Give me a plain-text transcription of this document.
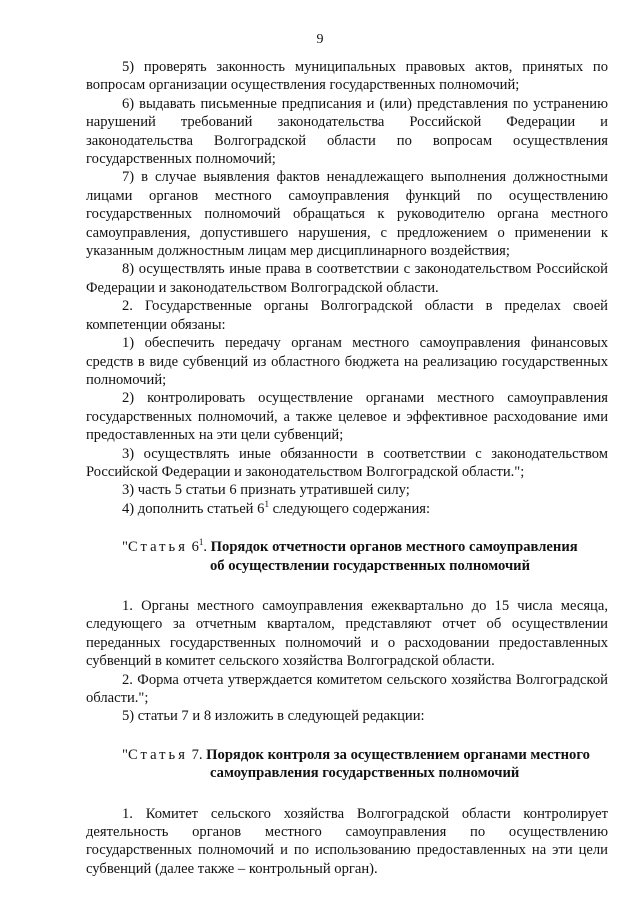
9

5) проверять законность муниципальных правовых актов, принятых по вопросам организации осуществления государственных полномочий;

6) выдавать письменные предписания и (или) представления по устранению нарушений требований законодательства Российской Федерации и законодательства Волгоградской области по вопросам осуществления государственных полномочий;

7) в случае выявления фактов ненадлежащего выполнения должностными лицами органов местного самоуправления функций по осуществлению государственных полномочий обращаться к руководителю органа местного самоуправления, допустившего нарушения, с предложением о применении к указанным должностным лицам мер дисциплинарного воздействия;

8) осуществлять иные права в соответствии с законодательством Российской Федерации и законодательством Волгоградской области.

2. Государственные органы Волгоградской области в пределах своей компетенции обязаны:

1) обеспечить передачу органам местного самоуправления финансовых средств в виде субвенций из областного бюджета на реализацию государственных полномочий;

2) контролировать осуществление органами местного самоуправления государственных полномочий, а также целевое и эффективное расходование ими предоставленных на эти цели субвенций;

3) осуществлять иные обязанности в соответствии с законодательством Российской Федерации и законодательством Волгоградской области.";

3) часть 5 статьи 6 признать утратившей силу;

4) дополнить статьей $6^1$ следующего содержания:

"Статья $6^1$. Порядок отчетности органов местного самоуправления
об осуществлении государственных полномочий

1. Органы местного самоуправления ежеквартально до 15 числа месяца, следующего за отчетным кварталом, представляют отчет об осуществлении переданных государственных полномочий и о расходовании предоставленных субвенций в комитет сельского хозяйства Волгоградской области.

2. Форма отчета утверждается комитетом сельского хозяйства Волгоградской области.";

5) статьи 7 и 8 изложить в следующей редакции:

"Статья 7. Порядок контроля за осуществлением органами местного
самоуправления государственных полномочий

1. Комитет сельского хозяйства Волгоградской области контролирует деятельность органов местного самоуправления по осуществлению государственных полномочий и по использованию предоставленных на эти цели субвенций (далее также – контрольный орган).
